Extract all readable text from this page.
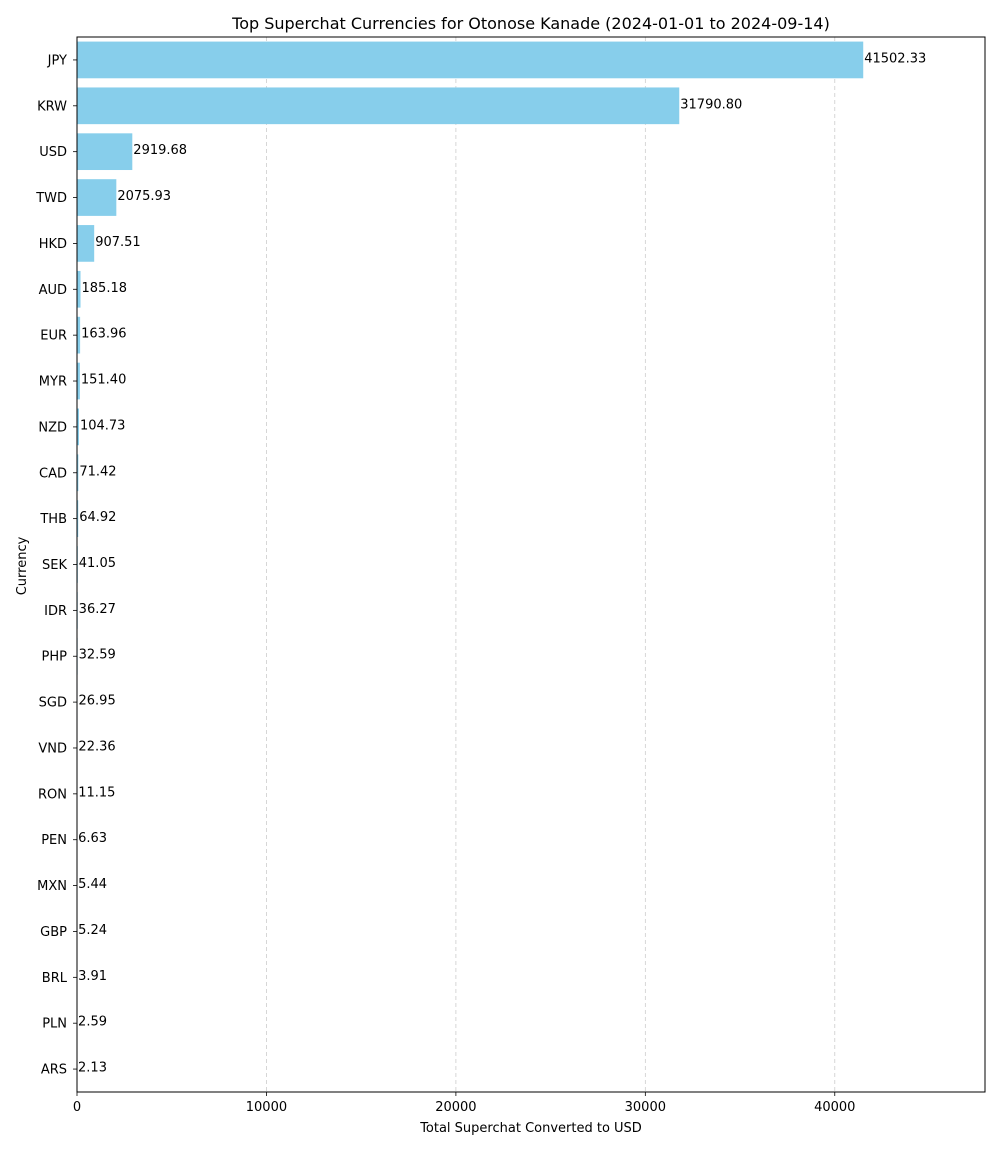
Top Superchat Currencies for Otonose Kanade (2024-01-01 to 2024-09-14)
41502.33
31790.80
2919.68
2075.93
907.51
185.18
163.96
151.40
104.73
71.42
64.92
41.05
36.27
32.59
26.95
22.36
11.15
6.63
5.44
5.24
3.91
2.59
2.13
JPY
KRW
USD
TWD
HKD
AUD
EUR
MYR
NZD
CAD
THB
SEK
IDR
PHP
SGD
VND
RON
PEN
MXN
GBP
BRL
PLN
ARS
0	10000	20000	30000	40000
Total Superchat Converted to USD
Currency
